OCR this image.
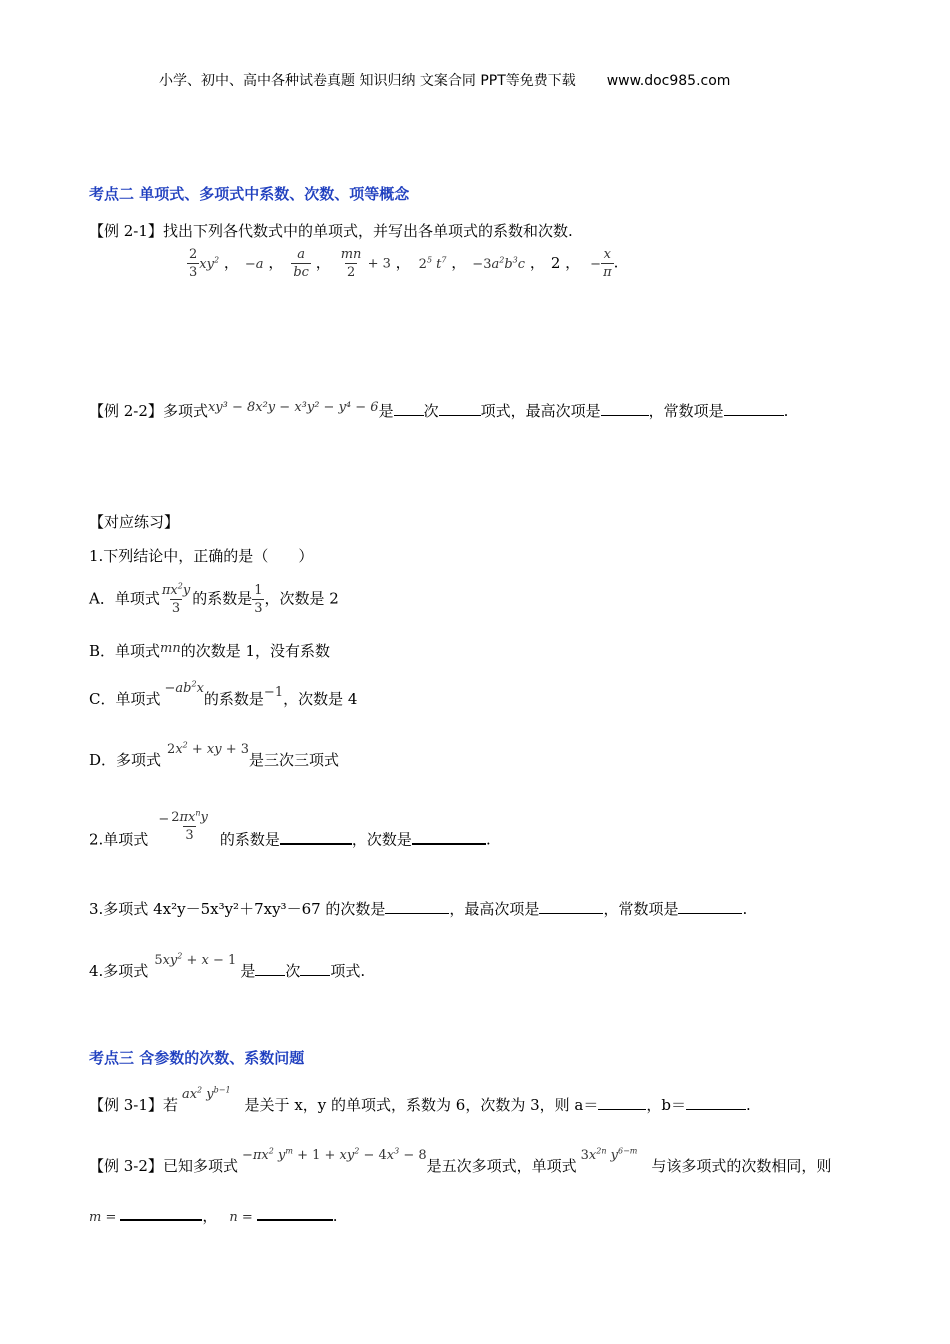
小学、初中、高中各种试卷真题 知识归纳 文案合同 PPT等免费下载 www.doc985.com
考点二 单项式、多项式中系数、次数、项等概念
【例 2-1】找出下列各代数式中的单项式，并写出各单项式的系数和次数.
$\frac{2}{3} xy^2$ ， −a ， $\frac{a}{bc}$ ， $\frac{mn}{2} + 3$ ， $2^5$ $t^7$ ， $-3a^2b^3c$ ， 2 ， − $\frac{x}{\pi}$ .
【例 2-2】多项式xy³ − 8x²y − x³y² − y⁴ − 6是 次	项式，最高次项是	，常数项是	.
【对应练习】
1.下列结论中，正确的是（　　）
A．单项式 $\frac{\pi x^2y}{3}$ 的系数是 $\frac{1}{3}$ ，次数是 2
B．单项式mn的次数是 1，没有系数
C．单项式$-ab^2x$的系数是−1，次数是 4
D．多项式$2x^2$ + xy + 3是三次三项式
2.单项式− $\frac{2\pi x^ny}{3}$ 的系数是	，次数是	.
3.多项式 4x²y－5x³y²＋7xy³－67 的次数是	，最高次项是	，常数项是	.
4.多项式$5xy^2 + x - 1$是 次 项式.
考点三 含参数的次数、系数问题
【例 3-1】若$ax^2$ $y^{b-1}$是关于 x，y 的单项式，系数为 6，次数为 3，则 a＝	，b＝	.
【例 3-2】已知多项式$-\pi x^2$ $y^m + 1 + xy^2 - 4x^3 - 8$是五次多项式，单项式$3x^{2n}$ $y^{6-m}$与该多项式的次数相同，则
m =	， n =	.
